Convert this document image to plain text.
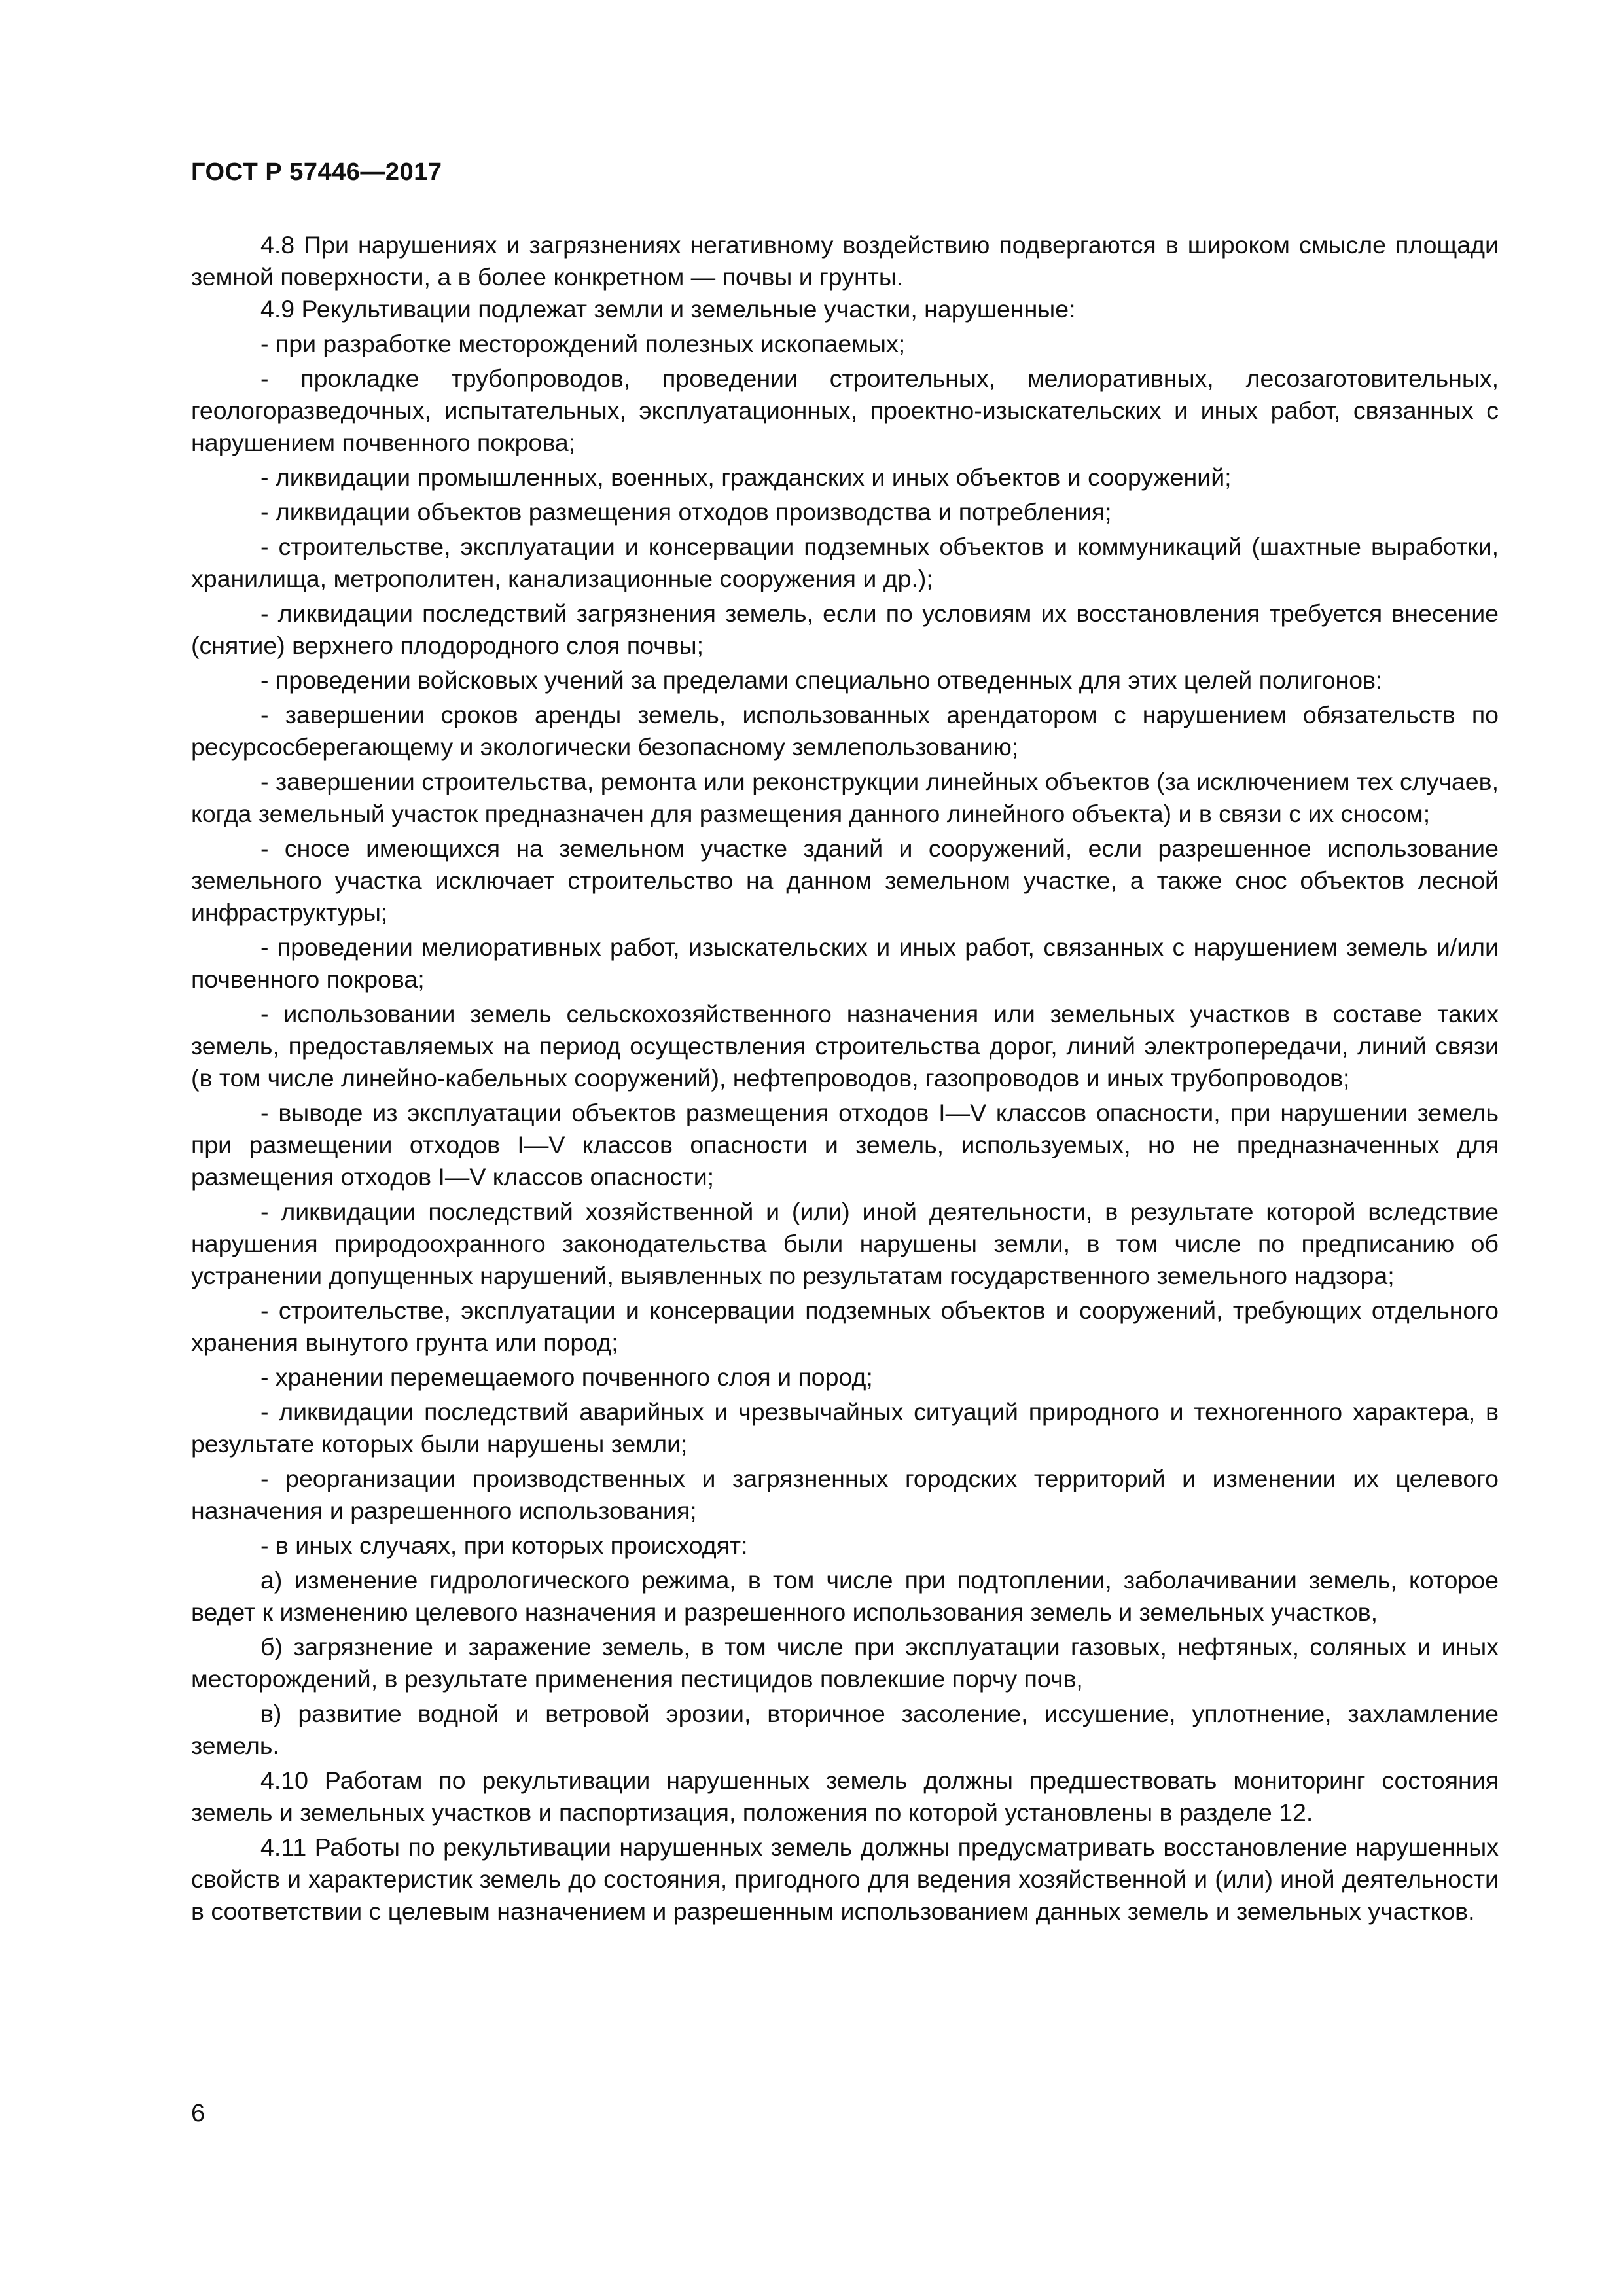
ГОСТ Р 57446—2017

4.8 При нарушениях и загрязнениях негативному воздействию подвергаются в широком смысле площади земной поверхности, а в более конкретном — почвы и грунты.

4.9 Рекультивации подлежат земли и земельные участки, нарушенные:

- при разработке месторождений полезных ископаемых;

- прокладке трубопроводов, проведении строительных, мелиоративных, лесозаготовительных, геологоразведочных, испытательных, эксплуатационных, проектно-изыскательских и иных работ, связанных с нарушением почвенного покрова;

- ликвидации промышленных, военных, гражданских и иных объектов и сооружений;

- ликвидации объектов размещения отходов производства и потребления;

- строительстве, эксплуатации и консервации подземных объектов и коммуникаций (шахтные выработки, хранилища, метрополитен, канализационные сооружения и др.);

- ликвидации последствий загрязнения земель, если по условиям их восстановления требуется внесение (снятие) верхнего плодородного слоя почвы;

- проведении войсковых учений за пределами специально отведенных для этих целей полигонов:

- завершении сроков аренды земель, использованных арендатором с нарушением обязательств по ресурсосберегающему и экологически безопасному землепользованию;

- завершении строительства, ремонта или реконструкции линейных объектов (за исключением тех случаев, когда земельный участок предназначен для размещения данного линейного объекта) и в связи с их сносом;

- сносе имеющихся на земельном участке зданий и сооружений, если разрешенное использование земельного участка исключает строительство на данном земельном участке, а также снос объектов лесной инфраструктуры;

- проведении мелиоративных работ, изыскательских и иных работ, связанных с нарушением земель и/или почвенного покрова;

- использовании земель сельскохозяйственного назначения или земельных участков в составе таких земель, предоставляемых на период осуществления строительства дорог, линий электропередачи, линий связи (в том числе линейно-кабельных сооружений), нефтепроводов, газопроводов и иных трубопроводов;

- выводе из эксплуатации объектов размещения отходов I—V классов опасности, при нарушении земель при размещении отходов I—V классов опасности и земель, используемых, но не предназначенных для размещения отходов I—V классов опасности;

- ликвидации последствий хозяйственной и (или) иной деятельности, в результате которой вследствие нарушения природоохранного законодательства были нарушены земли, в том числе по предписанию об устранении допущенных нарушений, выявленных по результатам государственного земельного надзора;

- строительстве, эксплуатации и консервации подземных объектов и сооружений, требующих отдельного хранения вынутого грунта или пород;

- хранении перемещаемого почвенного слоя и пород;

- ликвидации последствий аварийных и чрезвычайных ситуаций природного и техногенного характера, в результате которых были нарушены земли;

- реорганизации производственных и загрязненных городских территорий и изменении их целевого назначения и разрешенного использования;

- в иных случаях, при которых происходят:

а) изменение гидрологического режима, в том числе при подтоплении, заболачивании земель, которое ведет к изменению целевого назначения и разрешенного использования земель и земельных участков,

б) загрязнение и заражение земель, в том числе при эксплуатации газовых, нефтяных, соляных и иных месторождений, в результате применения пестицидов повлекшие порчу почв,

в) развитие водной и ветровой эрозии, вторичное засоление, иссушение, уплотнение, захламление земель.

4.10 Работам по рекультивации нарушенных земель должны предшествовать мониторинг состояния земель и земельных участков и паспортизация, положения по которой установлены в разделе 12.

4.11 Работы по рекультивации нарушенных земель должны предусматривать восстановление нарушенных свойств и характеристик земель до состояния, пригодного для ведения хозяйственной и (или) иной деятельности в соответствии с целевым назначением и разрешенным использованием данных земель и земельных участков.

6
